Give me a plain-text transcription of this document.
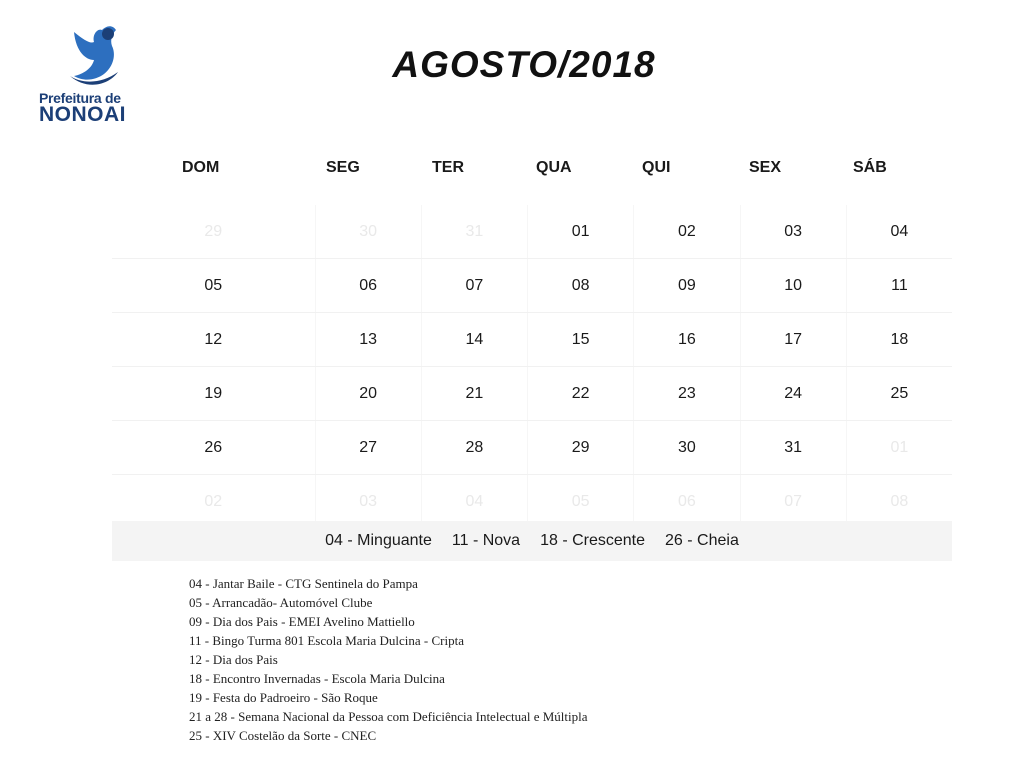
Prefeitura de
NONOAI
AGOSTO/2018
DOM	SEG	TER	QUA	QUI	SEX	SÁB
29	30	31	01	02	03	04
05	06	07	08	09	10	11
12	13	14	15	16	17	18
19	20	21	22	23	24	25
26	27	28	29	30	31	01
02	03	04	05	06	07	08
04 - Minguante 11 - Nova 18 - Crescente 26 - Cheia
04 - Jantar Baile - CTG Sentinela do Pampa
05 - Arrancadão- Automóvel Clube
09 - Dia dos Pais - EMEI Avelino Mattiello
11 - Bingo Turma 801 Escola Maria Dulcina - Cripta
12 - Dia dos Pais
18 - Encontro Invernadas - Escola Maria Dulcina
19 - Festa do Padroeiro - São Roque
21 a 28 - Semana Nacional da Pessoa com Deficiência Intelectual e Múltipla
25 - XIV Costelão da Sorte - CNEC
